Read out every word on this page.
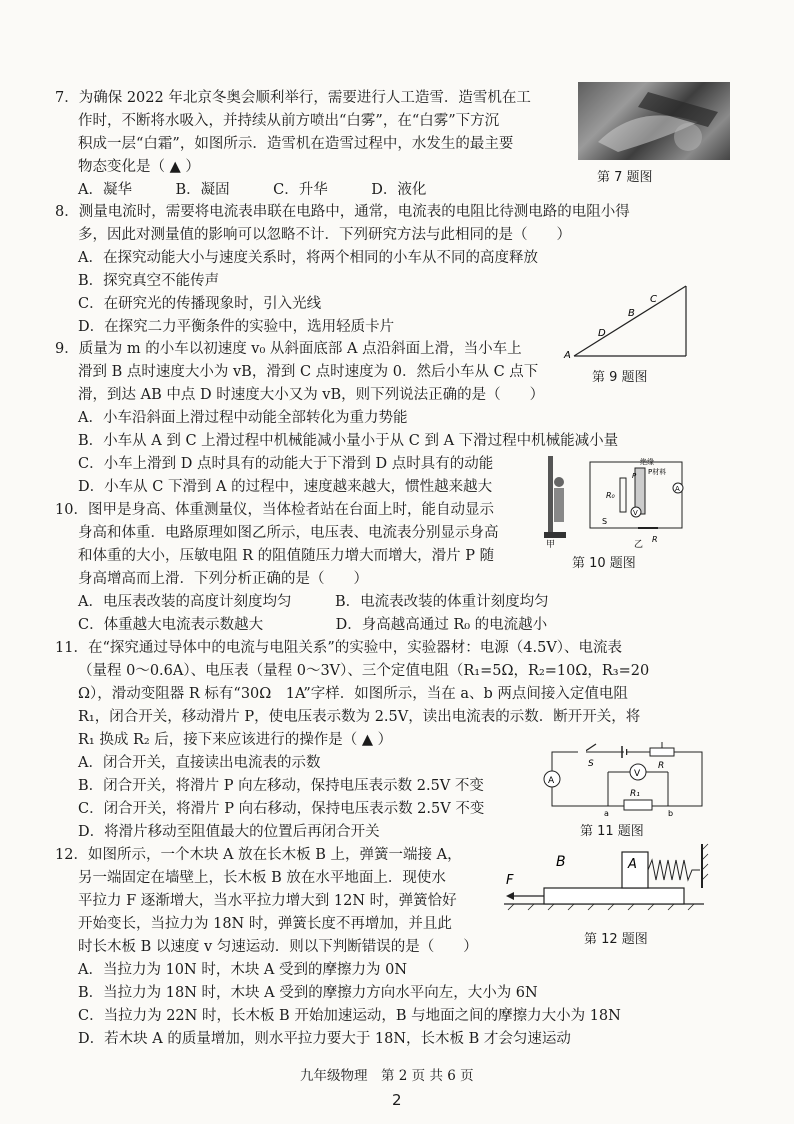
7．为确保 2022 年北京冬奥会顺利举行，需要进行人工造雪．造雪机在工
作时，不断将水吸入，并持续从前方喷出“白雾”，在“白雾”下方沉
积成一层“白霜”，如图所示．造雪机在造雪过程中，水发生的最主要
物态变化是（ ▲ ）
A．凝华　　　B．凝固　　　C．升华　　　D．液化
第 7 题图
8．测量电流时，需要将电流表串联在电路中，通常，电流表的电阻比待测电路的电阻小得
多，因此对测量值的影响可以忽略不计．下列研究方法与此相同的是（　　）
A．在探究动能大小与速度关系时，将两个相同的小车从不同的高度释放
B．探究真空不能传声
C．在研究光的传播现象时，引入光线
D．在探究二力平衡条件的实验中，选用轻质卡片
A
D
B
C
第 9 题图
9．质量为 m 的小车以初速度 v₀ 从斜面底部 A 点沿斜面上滑，当小车上
滑到 B 点时速度大小为 vB，滑到 C 点时速度为 0．然后小车从 C 点下
滑，到达 AB 中点 D 时速度大小又为 vB，则下列说法正确的是（　　）
A．小车沿斜面上滑过程中动能全部转化为重力势能
B．小车从 A 到 C 上滑过程中机械能减小量小于从 C 到 A 下滑过程中机械能减小量
C．小车上滑到 D 点时具有的动能大于下滑到 D 点时具有的动能
D．小车从 C 下滑到 A 的过程中，速度越来越大，惯性越来越大
甲
R₀
绝缘
P材料
P
V
A
S
R
乙
第 10 题图
10．图甲是身高、体重测量仪，当体检者站在台面上时，能自动显示
身高和体重．电路原理如图乙所示，电压表、电流表分别显示身高
和体重的大小，压敏电阻 R 的阻值随压力增大而增大，滑片 P 随
身高增高而上滑．下列分析正确的是（　　）
A．电压表改装的高度计刻度均匀　　　B．电流表改装的体重计刻度均匀
C．体重越大电流表示数越大　　　　　D．身高越高通过 R₀ 的电流越小
11．在“探究通过导体中的电流与电阻关系”的实验中，实验器材：电源（4.5V）、电流表
（量程 0～0.6A）、电压表（量程 0～3V）、三个定值电阻（R₁=5Ω，R₂=10Ω，R₃=20
Ω），滑动变阻器 R 标有“30Ω　1A”字样．如图所示，当在 a、b 两点间接入定值电阻
R₁，闭合开关，移动滑片 P，使电压表示数为 2.5V，读出电流表的示数．断开开关，将
R₁ 换成 R₂ 后，接下来应该进行的操作是（ ▲ ）
A．闭合开关，直接读出电流表的示数
B．闭合开关，将滑片 P 向左移动，保持电压表示数 2.5V 不变
C．闭合开关，将滑片 P 向右移动，保持电压表示数 2.5V 不变
D．将滑片移动至阻值最大的位置后再闭合开关
S	R
A
V
R₁
a	b
第 11 题图
12．如图所示，一个木块 A 放在长木板 B 上，弹簧一端接 A，
另一端固定在墙壁上，长木板 B 放在水平地面上．现使水
平拉力 F 逐渐增大，当水平拉力增大到 12N 时，弹簧恰好
开始变长，当拉力为 18N 时，弹簧长度不再增加，并且此
时长木板 B 以速度 v 匀速运动．则以下判断错误的是（　　）
A．当拉力为 10N 时，木块 A 受到的摩擦力为 0N
B．当拉力为 18N 时，木块 A 受到的摩擦力方向水平向左，大小为 6N
C．当拉力为 22N 时，长木板 B 开始加速运动，B 与地面之间的摩擦力大小为 18N
D．若木块 A 的质量增加，则水平拉力要大于 18N，长木板 B 才会匀速运动
B	A
F
第 12 题图
九年级物理　第 2 页 共 6 页
2
